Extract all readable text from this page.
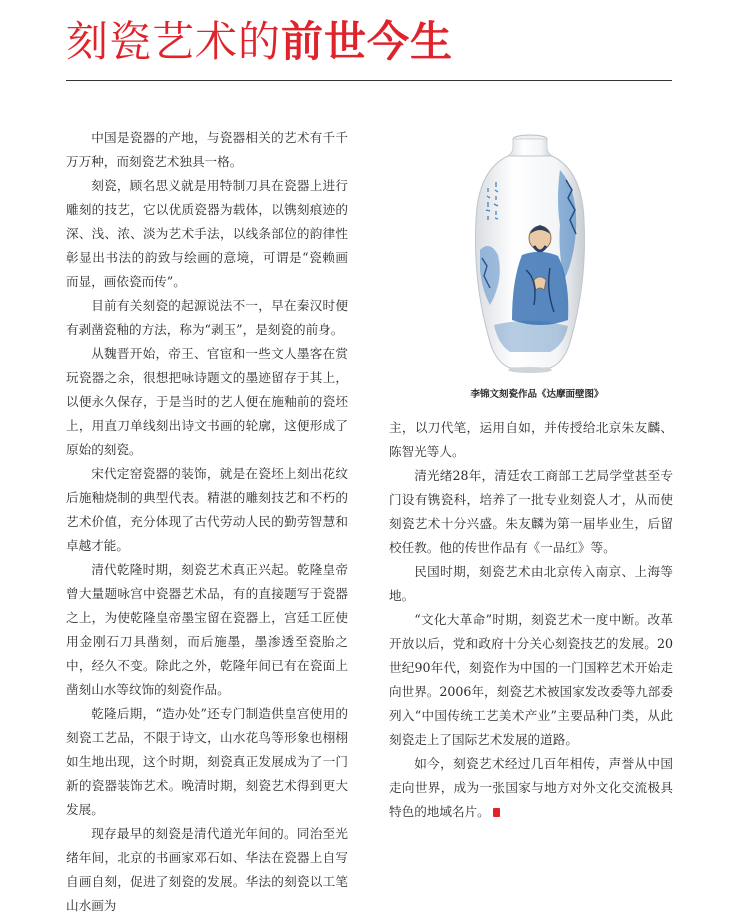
刻瓷艺术的前世今生

中国是瓷器的产地，与瓷器相关的艺术有千千万万种，而刻瓷艺术独具一格。

刻瓷，顾名思义就是用特制刀具在瓷器上进行雕刻的技艺，它以优质瓷器为载体，以镌刻痕迹的深、浅、浓、淡为艺术手法，以线条部位的韵律性彰显出书法的韵致与绘画的意境，可谓是“瓷赖画而显，画依瓷而传”。

目前有关刻瓷的起源说法不一，早在秦汉时便有剥凿瓷釉的方法，称为“剥玉”，是刻瓷的前身。

从魏晋开始，帝王、官宦和一些文人墨客在赏玩瓷器之余，很想把咏诗题文的墨迹留存于其上，以便永久保存，于是当时的艺人便在施釉前的瓷坯上，用直刀单线刻出诗文书画的轮廓，这便形成了原始的刻瓷。

宋代定窑瓷器的装饰，就是在瓷坯上刻出花纹后施釉烧制的典型代表。精湛的雕刻技艺和不朽的艺术价值，充分体现了古代劳动人民的勤劳智慧和卓越才能。

清代乾隆时期，刻瓷艺术真正兴起。乾隆皇帝曾大量题咏宫中瓷器艺术品，有的直接题写于瓷器之上，为使乾隆皇帝墨宝留在瓷器上，宫廷工匠使用金刚石刀具凿刻，而后施墨，墨渗透至瓷胎之中，经久不变。除此之外，乾隆年间已有在瓷面上凿刻山水等纹饰的刻瓷作品。

乾隆后期，“造办处”还专门制造供皇宫使用的刻瓷工艺品，不限于诗文，山水花鸟等形象也栩栩如生地出现，这个时期，刻瓷真正发展成为了一门新的瓷器装饰艺术。晚清时期，刻瓷艺术得到更大发展。

现存最早的刻瓷是清代道光年间的。同治至光绪年间，北京的书画家邓石如、华法在瓷器上自写自画自刻，促进了刻瓷的发展。华法的刻瓷以工笔山水画为

李锦文刻瓷作品《达摩面壁图》

主，以刀代笔，运用自如，并传授给北京朱友麟、陈智光等人。

清光绪28年，清廷农工商部工艺局学堂甚至专门设有镌瓷科，培养了一批专业刻瓷人才，从而使刻瓷艺术十分兴盛。朱友麟为第一届毕业生，后留校任教。他的传世作品有《一品红》等。

民国时期，刻瓷艺术由北京传入南京、上海等地。

“文化大革命”时期，刻瓷艺术一度中断。改革开放以后，党和政府十分关心刻瓷技艺的发展。20世纪90年代，刻瓷作为中国的一门国粹艺术开始走向世界。2006年，刻瓷艺术被国家发改委等九部委列入“中国传统工艺美术产业”主要品种门类，从此刻瓷走上了国际艺术发展的道路。

如今，刻瓷艺术经过几百年相传，声誉从中国走向世界，成为一张国家与地方对外文化交流极具特色的地域名片。
